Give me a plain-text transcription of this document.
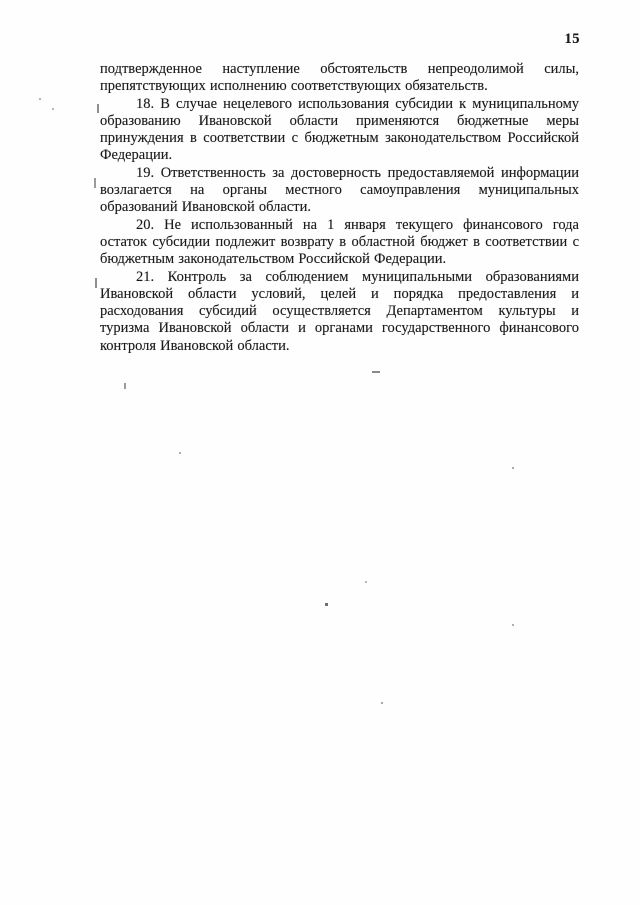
15
подтвержденное наступление обстоятельств непреодолимой силы,
препятствующих исполнению соответствующих обязательств.
18. В случае нецелевого использования субсидии к муниципальному
образованию Ивановской области применяются бюджетные меры
принуждения в соответствии с бюджетным законодательством Российской
Федерации.
19. Ответственность за достоверность предоставляемой информации
возлагается на органы местного самоуправления муниципальных
образований Ивановской области.
20. Не использованный на 1 января текущего финансового года
остаток субсидии подлежит возврату в областной бюджет в соответствии с
бюджетным законодательством Российской Федерации.
21. Контроль за соблюдением муниципальными образованиями
Ивановской области условий, целей и порядка предоставления и
расходования субсидий осуществляется Департаментом культуры и
туризма Ивановской области и органами государственного финансового
контроля Ивановской области.
